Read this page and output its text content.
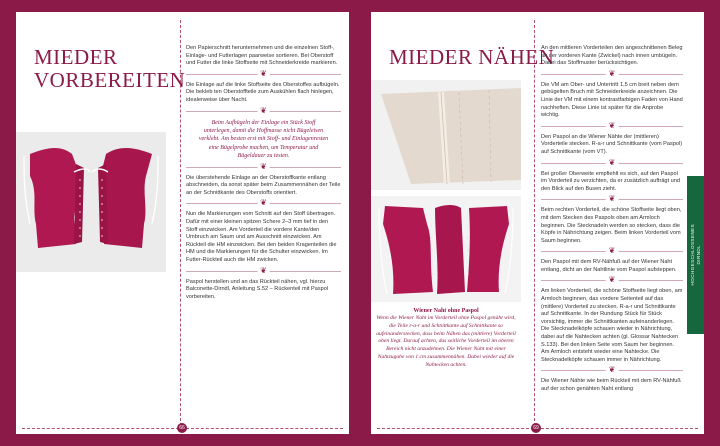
MIEDER
VORBEREITEN

Den Papierschnitt herunternehmen und die einzelnen Stoff-, Einlage- und Futterlagen paarweise sortieren. Bei Oberstoff und Futter die linke Stoffseite mit Schneiderkreide markieren.

❦

Die Einlage auf die linke Stoffseite des Oberstoffes aufbügeln. Die bekleb ten Oberstoffteile zum Auskühlen flach hinlegen, idealerweise über Nacht.

❦

Beim Aufbügeln der Einlage ein Stück Stoff unterlegen, damit die Hoffmasse nicht Bügeleisen verklebt. Am besten erst mit Stoff- und Einlagenresten eine Bügelprobe machen, um Temperatur und Bügeldauer zu testen.

❦

Die überstehende Einlage an der Oberstoffkante entlang abschneiden, da sonst später beim Zusammennähen der Teile an der Schnittkante des Oberstoffs orientiert.

❦

Nun die Markierungen vom Schnitt auf den Stoff übertragen. Dafür mit einer kleinen spitzen Schere 2–3 mm tief in den Stoff einzwicken. Am Vorderteil die vordere Kante/den Umbruch am Saum und am Ausschnitt einzwicken. Am Rückteil die HM einzwicken. Bei den beiden Kragenteilen die HM und die Markierungen für die Schulter einzwicken. Im Futter-Rückteil auch die HM zwicken.

❦

Paspol herstellen und an das Rückteil nähen, vgl. hierzu Balconette-Dirndl, Anleitung S.52 – Rückenteil mit Paspol vorbereiten.

66
MIEDER NÄHEN
Wiener Naht ohne Paspol

Wenn die Wiener Naht im Vorderteil ohne Paspol genäht wird, die Teile r-a-r und Schnittkante auf Schnittkante so aufeinanderstecken, dass beim Nähen das (mittlere) Vorderteil oben liegt. Darauf achten, das seitliche Vorderteil im oberen Bereich nicht anzudehnen. Die Wiener Naht mit einer Nahtzugabe von 1 cm zusammennähen. Dabei wieder auf die Nahtecken achten.

An den mittleren Vorderteilen den angeschnittenen Beleg an der vorderen Kante (Zwickel) nach innen umbügeln. Dabei das Stoffmuster berücksichtigen.

❦

Die VM am Ober- und Untertritt 1,5 cm breit neben dem gebügelten Bruch mit Schneiderkreide anzeichnen. Die Linie der VM mit einem kontrastfarbigen Faden von Hand nachheften. Diese Linie ist später für die Anprobe wichtig.

❦

Den Paspol an die Wiener Nähte der (mittleren) Vorderteile stecken. R-a-r und Schnittkante (vom Paspol) auf Schnittkante (vom VT).

❦

Bei großer Oberweite empfiehlt es sich, auf den Paspol im Vorderteil zu verzichten, da er zusätzlich aufträgt und den Blick auf den Busen zieht.

❦

Beim rechten Vorderteil, die schöne Stoffseite liegt oben, mit dem Stecken des Paspols oben am Armloch beginnen. Die Stecknadeln werden so stecken, dass die Köpfe in Nährichtung zeigen. Beim linken Vorderteil vom Saum beginnen.

❦

Den Paspol mit dem RV-Nähfuß auf der Wiener Naht entlang, dicht an der Nahtlinie vom Paspol aufsteppen.

❦

Am linken Vorderteil, die schöne Stoffseite liegt oben, am Armloch beginnen, das vordere Seitenteil auf das (mittlere) Vorderteil zu stecken. R-a-r und Schnittkante auf Schnittkante. In der Rundung Stück für Stück vorsichtig, immer die Schnittkanten aufeinanderlegen. Die Stecknadelköpfe schauen wieder in Nährichtung, dabei auf die Nahtecken achten (gl. Glossar Nahtecken S.133). Bei den linken Seite vom Saum her beginnen. Am Armloch entsteht wieder eine Nahtecke. Die Stecknadelköpfe schauen immer in Nährichtung.

❦

Die Wiener Nähte wie beim Rückteil mit dem RV-Nähfuß auf der schon genähten Naht entlang

69
HOCHGESCHLOSSENES
DIRNDL
